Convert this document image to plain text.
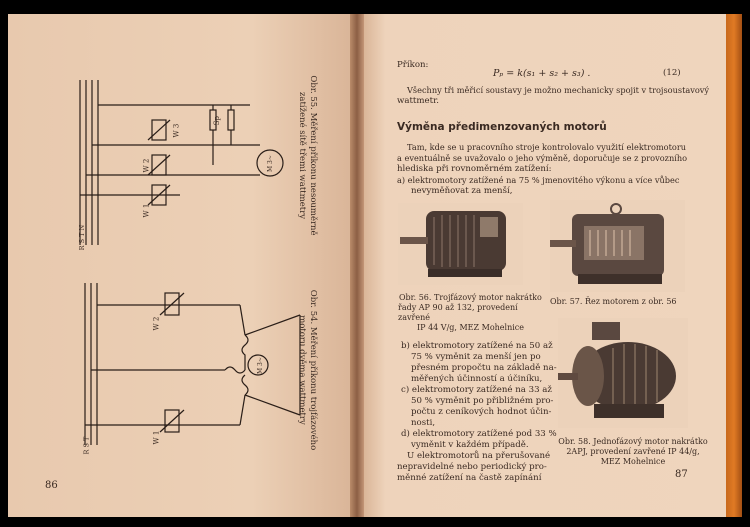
W 1
W 2
W 3
Sp
M 3~
R S T N	Obr. 55. Měření příkonu nesouměrně zatížené sítě třemi wattmetry
W 2
W 1
M 3~
R S T	Obr. 54. Měření příkonu trojfázového motoru dvěma wattmetry
86
Příkon:
Pₚ = k(s₁ + s₂ + s₃) .	(12)
Všechny tři měřicí soustavy je možno mechanicky spojit v trojsoustavový
wattmetr.
Výměna předimenzovaných motorů
Tam, kde se u pracovního stroje kontrolovalo využití elektromotoru
a eventuálně se uvažovalo o jeho výměně, doporučuje se z provozního
hlediska při rovnoměrném zatížení:
a) elektromotory zatížené na 75 % jmenovitého výkonu a více vůbec
nevyměňovat za menší,
Obr. 56. Trojfázový motor nakrátko
řady AP 90 až 132, provedení zavřené
IP 44 V/g, MEZ Mohelnice
Obr. 57. Řez motorem z obr. 56
b) elektromotory zatížené na 50 až
75 % vyměnit za menší jen po
přesném propočtu na základě na-
měřených účinností a účiníku,
c) elektromotory zatížené na 33 až
50 % vyměnit po přibližném pro-
počtu z ceníkových hodnot účin-
nosti,
d) elektromotory zatížené pod 33 %
vyměnit v každém případě.
U elektromotorů na přerušované
nepravidelné nebo periodický pro-
měnné zatížení na častě zapínání
Obr. 58. Jednofázový motor nakrátko
2APJ, provedení zavřené IP 44/g,
MEZ Mohelnice
87
